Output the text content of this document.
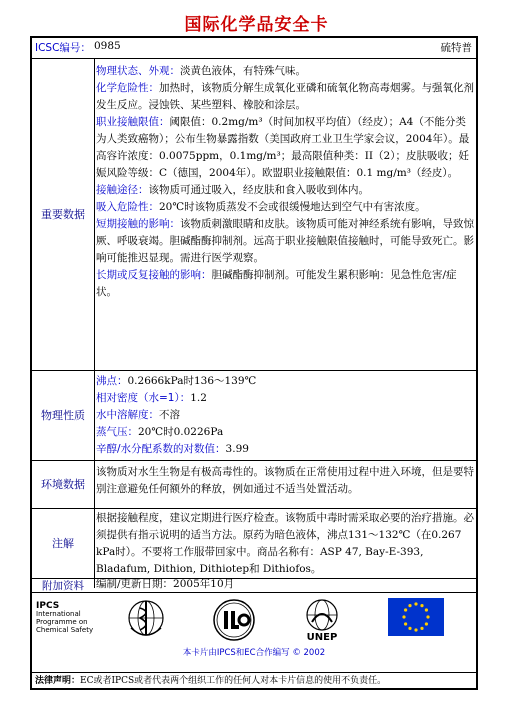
国际化学品安全卡
ICSC编号： 0985	硫特普
重要数据
物理状态、外观：淡黄色液体，有特殊气味。
化学危险性：加热时，该物质分解生成氧化亚磷和硫氧化物高毒烟雾。与强氧化剂发生反应。浸蚀铁、某些塑料、橡胶和涂层。
职业接触限值：阈限值：0.2mg/m³（时间加权平均值）（经皮）；A4（不能分类为人类致癌物）；公布生物暴露指数（美国政府工业卫生学家会议，2004年）。最高容许浓度：0.0075ppm，0.1mg/m³；最高限值种类：II（2）；皮肤吸收；妊娠风险等级：C（德国，2004年）。欧盟职业接触限值：0.1 mg/m³（经皮）。
接触途径：该物质可通过吸入，经皮肤和食入吸收到体内。
吸入危险性：20℃时该物质蒸发不会或很缓慢地达到空气中有害浓度。
短期接触的影响：该物质刺激眼睛和皮肤。该物质可能对神经系统有影响，导致惊厥、呼吸衰竭。胆碱酯酶抑制剂。远高于职业接触限值接触时，可能导致死亡。影响可能推迟显现。需进行医学观察。
长期或反复接触的影响：胆碱酯酶抑制剂。可能发生累积影响：见急性危害/症状。
物理性质
沸点：0.2666kPa时136～139℃
相对密度（水=1）：1.2
水中溶解度：不溶
蒸气压：20℃时0.0226Pa
辛醇/水分配系数的对数值：3.99
环境数据
该物质对水生生物是有极高毒性的。该物质在正常使用过程中进入环境，但是要特别注意避免任何额外的释放，例如通过不适当处置活动。
注解
根据接触程度，建议定期进行医疗检查。该物质中毒时需采取必要的治疗措施。必须提供有指示说明的适当方法。原药为暗色液体，沸点131～132℃（在0.267 kPa时）。不要将工作服带回家中。商品名称有：ASP 47, Bay-E-393, Bladafum, Dithion, Dithiotep和 Dithiofos。
附加资料	编制/更新日期：2005年10月
IPCS
International
Programme on
Chemical Safety
UNEP
本卡片由IPCS和EC合作编写 © 2002
法律声明：EC或者IPCS或者代表两个组织工作的任何人对本卡片信息的使用不负责任。
